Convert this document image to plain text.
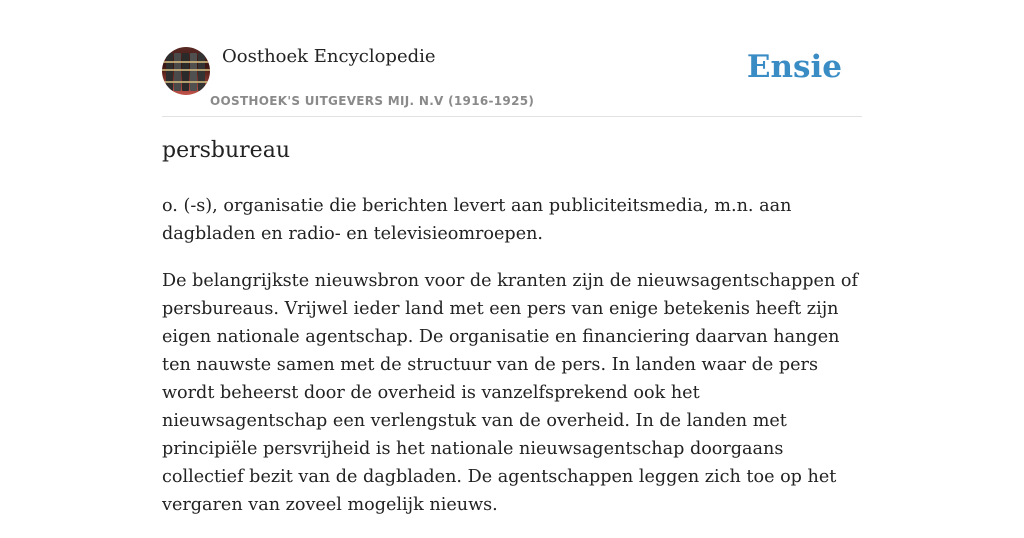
Oosthoek Encyclopedie
OOSTHOEK'S UITGEVERS MIJ. N.V (1916-1925)
Ensie
persbureau

o. (-s), organisatie die berichten levert aan publiciteitsmedia, m.n. aan dagbladen en radio- en televisieomroepen.

De belangrijkste nieuwsbron voor de kranten zijn de nieuwsagentschappen of persbureaus. Vrijwel ieder land met een pers van enige betekenis heeft zijn eigen nationale agentschap. De organisatie en financiering daarvan hangen ten nauwste samen met de structuur van de pers. In landen waar de pers wordt beheerst door de overheid is vanzelfsprekend ook het nieuwsagentschap een verlengstuk van de overheid. In de landen met principiële persvrijheid is het nationale nieuwsagentschap doorgaans collectief bezit van de dagbladen. De agentschappen leggen zich toe op het vergaren van zoveel mogelijk nieuws.
